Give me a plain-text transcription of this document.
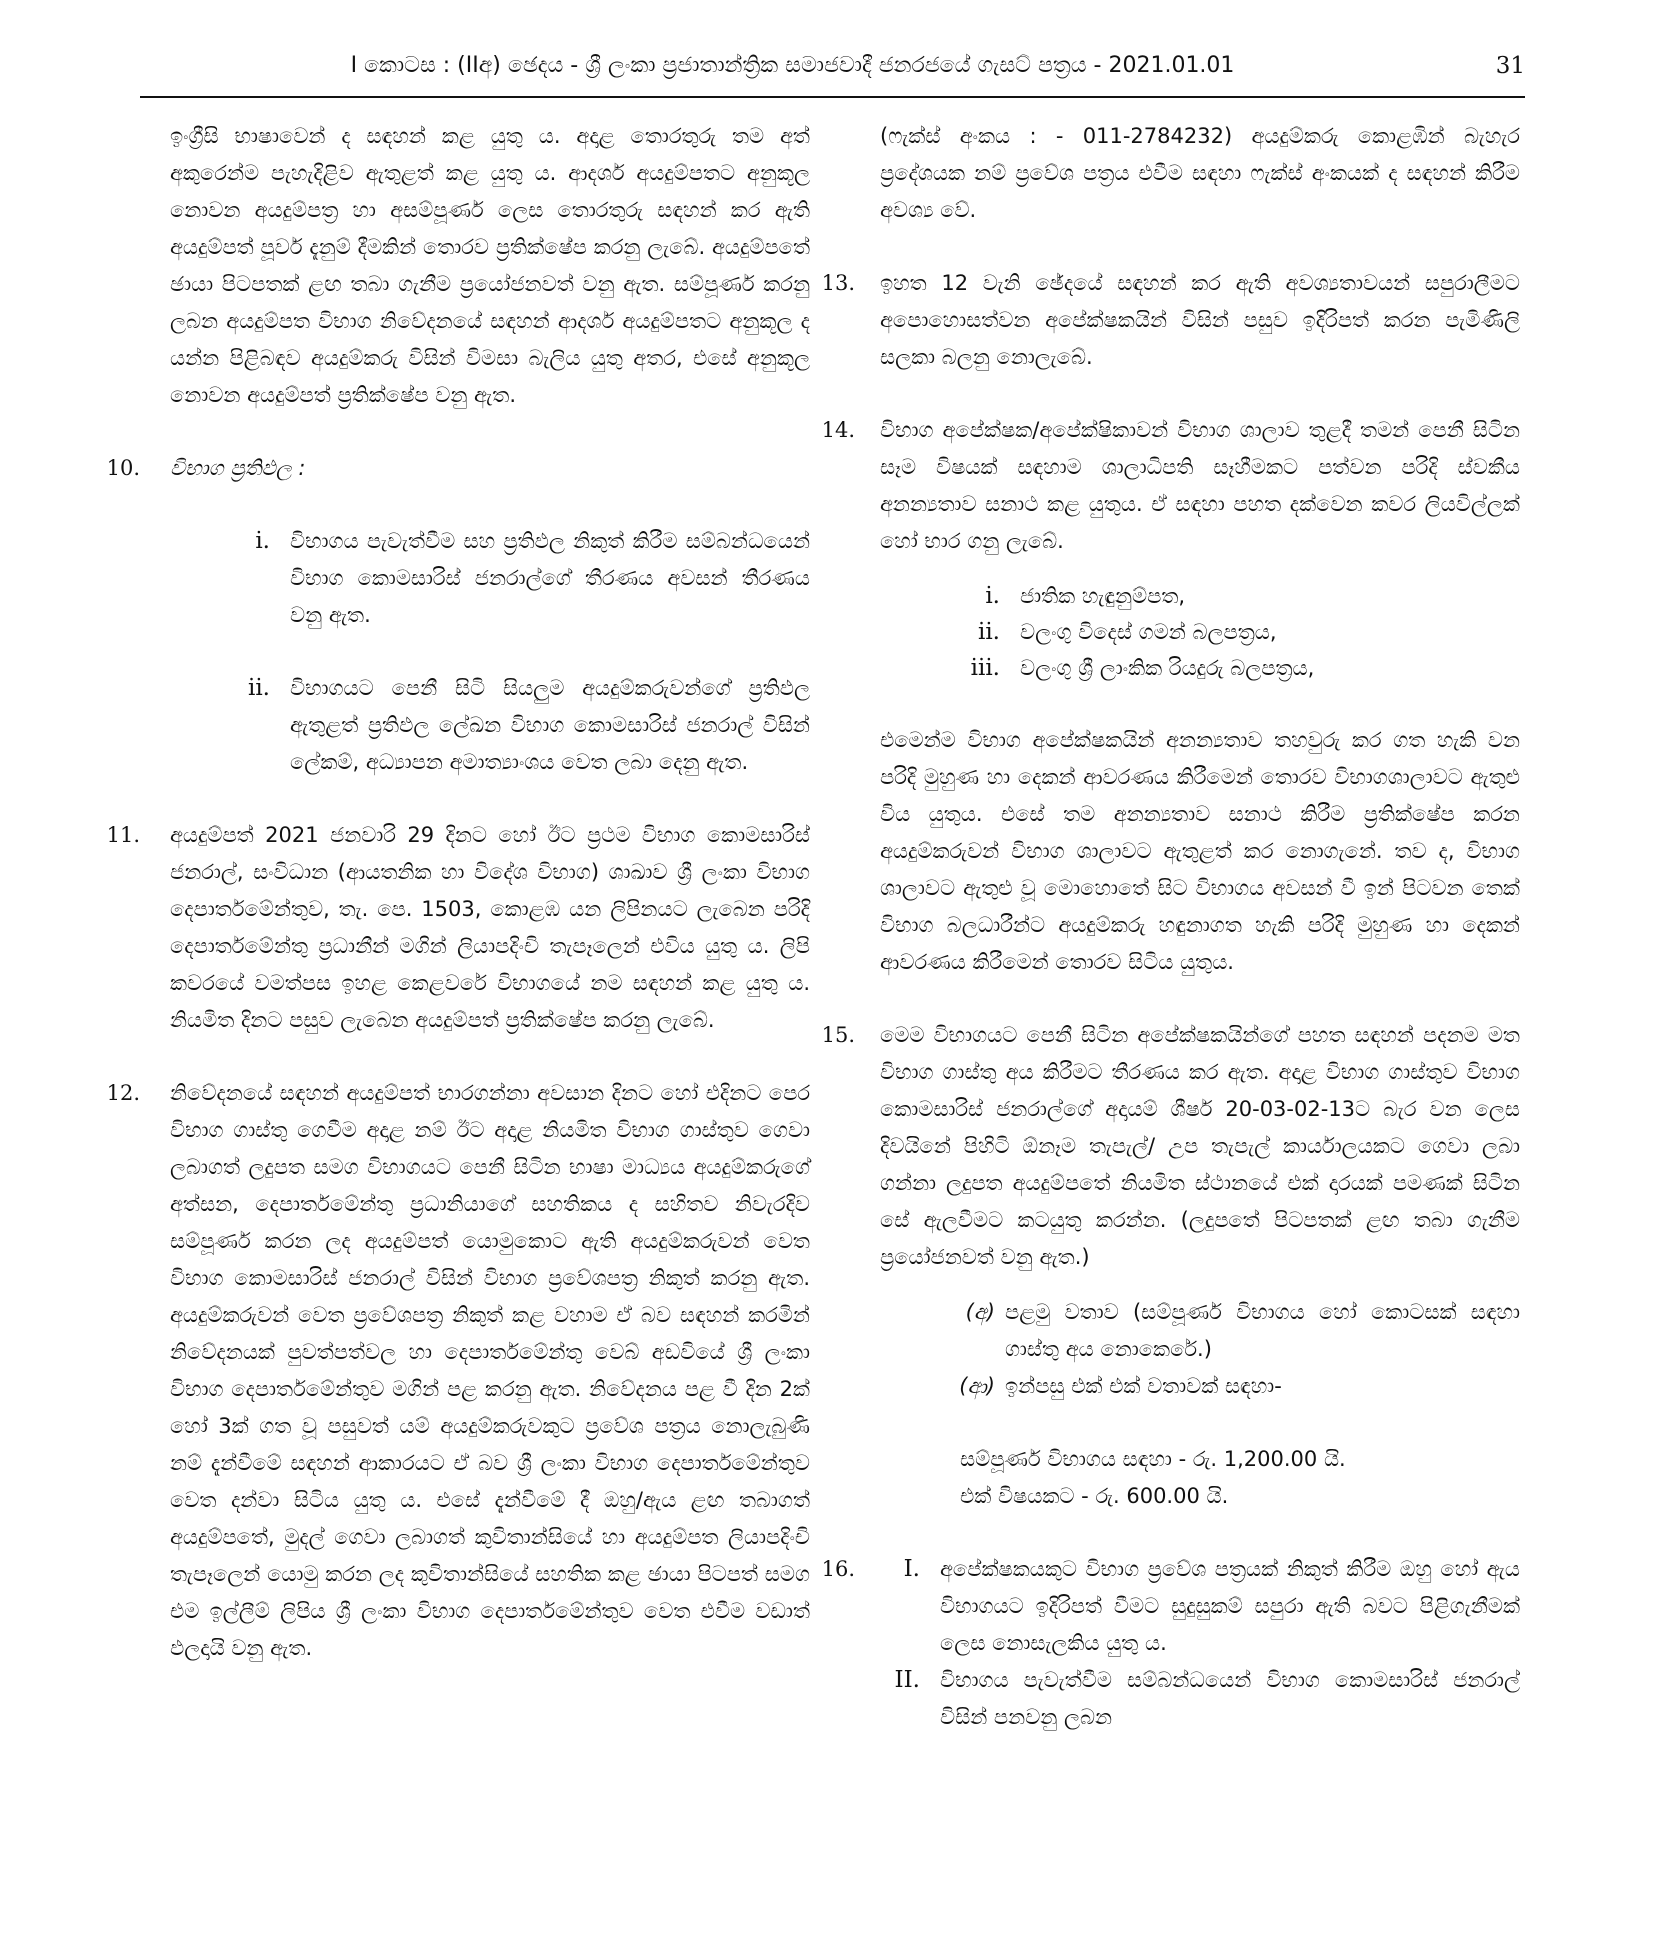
I කොටස : (IIඅ) ඡෙදය - ශ්‍රී ලංකා ප්‍රජාතාන්ත්‍රික සමාජවාදී ජනරජයේ ගැසට් පත්‍රය - 2021.01.01	31

ඉංග්‍රීසි භාෂාවෙන් ද සඳහන් කළ යුතු ය. අදාළ තොරතුරු තම අත් අකුරෙන්ම පැහැදිළිව ඇතුළත් කළ යුතු ය. ආදර්ශ අයදුම්පතට අනුකූල නොවන අයදුම්පත්‍ර හා අසම්පූර්ණ ලෙස තොරතුරු සඳහන් කර ඇති අයදුම්පත් පූර්ව දැනුම් දීමකින් තොරව ප්‍රතික්ෂේප කරනු ලැබේ. අයදුම්පතේ ඡායා පිටපතක් ළඟ තබා ගැනීම ප්‍රයෝජනවත් වනු ඇත. සම්පූර්ණ කරනු ලබන අයදුම්පත විභාග නිවේදනයේ සඳහන් ආදර්ශ අයදුම්පතට අනුකූල ද යන්න පිළිබඳව අයදුම්කරු විසින් විමසා බැලිය යුතු අතර, එසේ අනුකූල නොවන අයදුම්පත් ප්‍රතික්ෂේප වනු ඇත.

10. විභාග ප්‍රතිඵල :

i. විභාගය පැවැත්වීම සහ ප්‍රතිඵල නිකුත් කිරීම සම්බන්ධයෙන් විභාග කොමසාරිස් ජනරාල්ගේ තීරණය අවසන් තීරණය වනු ඇත.

ii. විභාගයට පෙනී සිටි සියලුම අයදුම්කරුවන්ගේ ප්‍රතිඵල ඇතුළත් ප්‍රතිඵල ලේඛන විභාග කොමසාරිස් ජනරාල් විසින් ලේකම්, අධ්‍යාපන අමාත්‍යාංශය වෙත ලබා දෙනු ඇත.

11. අයදුම්පත් 2021 ජනවාරි 29 දිනට හෝ ඊට ප්‍රථම විභාග කොමසාරිස් ජනරාල්, සංවිධාන (ආයතනික හා විදේශ විභාග) ශාඛාව ශ්‍රී ලංකා විභාග දෙපාර්තමේන්තුව, තැ. පෙ. 1503, කොළඹ යන ලිපිනයට ලැබෙන පරිදි දෙපාර්තමේන්තු ප්‍රධානීන් මගින් ලියාපදිංචි තැපෑලෙන් එවිය යුතු ය. ලිපි කවරයේ වමත්පස ඉහළ කෙළවරේ විභාගයේ නම සඳහන් කළ යුතු ය. නියමිත දිනට පසුව ලැබෙන අයදුම්පත් ප්‍රතික්ෂේප කරනු ලැබේ.

12. නිවේදනයේ සඳහන් අයදුම්පත් භාරගන්නා අවසාන දිනට හෝ එදිනට පෙර විභාග ගාස්තු ගෙවීම අදාළ නම් ඊට අදාළ නියමිත විභාග ගාස්තුව ගෙවා ලබාගත් ලදුපත සමග විභාගයට පෙනී සිටින භාෂා මාධ්‍යය අයදුම්කරුගේ අත්සන, දෙපාර්තමේන්තු ප්‍රධානියාගේ සහතිකය ද සහිතව නිවැරදිව සම්පූර්ණ කරන ලද අයදුම්පත් යොමුකොට ඇති අයදුම්කරුවන් වෙත විභාග කොමසාරිස් ජනරාල් විසින් විභාග ප්‍රවේශපත්‍ර නිකුත් කරනු ඇත. අයදුම්කරුවන් වෙත ප්‍රවේශපත්‍ර නිකුත් කළ වහාම ඒ බව සඳහන් කරමින් නිවේදනයක් පුවත්පත්වල හා දෙපාර්තමේන්තු වෙබ් අඩවියේ ශ්‍රී ලංකා විභාග දෙපාර්තමේන්තුව මගින් පළ කරනු ඇත. නිවේදනය පළ වී දින 2ක් හෝ 3ක් ගත වූ පසුවත් යම් අයදුම්කරුවකුට ප්‍රවේශ පත්‍රය නොලැබුණි නම් දැන්වීමේ සඳහන් ආකාරයට ඒ බව ශ්‍රී ලංකා විභාග දෙපාර්තමේන්තුව වෙත දන්වා සිටිය යුතු ය. එසේ දැන්වීමේ දී ඔහු/ඇය ළඟ තබාගත් අයදුම්පතේ, මුදල් ගෙවා ලබාගත් කුවිතාන්සියේ හා අයදුම්පත ලියාපදිංචි තැපෑලෙන් යොමු කරන ලද කුවිතාන්සියේ සහතික කළ ඡායා පිටපත් සමග එම ඉල්ලීම් ලිපිය ශ්‍රී ලංකා විභාග දෙපාර්තමේන්තුව වෙත එවීම වඩාත් ඵලදායි වනු ඇත.

(ෆැක්ස් අංකය : - 011-2784232) අයදුම්කරු කොළඹින් බැහැර ප්‍රදේශයක නම් ප්‍රවේශ පත්‍රය එවීම සඳහා ෆැක්ස් අංකයක් ද සඳහන් කිරීම අවශ්‍ය වේ.

13. ඉහත 12 වැනි ඡේදයේ සඳහන් කර ඇති අවශ්‍යතාවයන් සපුරාලීමට අපොහොසත්වන අපේක්ෂකයින් විසින් පසුව ඉදිරිපත් කරන පැමිණිලි සලකා බලනු නොලැබේ.

14. විභාග අපේක්ෂක/අපේක්ෂිකාවන් විභාග ශාලාව තුළදී තමන් පෙනී සිටින සෑම විෂයක් සඳහාම ශාලාධිපති සෑහීමකට පත්වන පරිදි ස්වකීය අනන්‍යතාව සනාථ කළ යුතුය. ඒ සඳහා පහත දක්වෙන කවර ලියවිල්ලක් හෝ භාර ගනු ලැබේ.

i. ජාතික හැඳුනුම්පත,
ii. වලංගු විදෙස් ගමන් බලපත්‍රය,
iii. වලංගු ශ්‍රී ලාංකික රියදුරු බලපත්‍රය,

එමෙන්ම විභාග අපේක්ෂකයින් අනන්‍යතාව තහවුරු කර ගත හැකි වන පරිදි මුහුණ හා දෙකන් ආවරණය කිරීමෙන් තොරව විභාගශාලාවට ඇතුළු විය යුතුය. එසේ තම අනන්‍යතාව සනාථ කිරීම ප්‍රතික්ෂේප කරන අයදුම්කරුවන් විභාග ශාලාවට ඇතුළත් කර නොගැනේ. තව ද, විභාග ශාලාවට ඇතුළු වූ මොහොතේ සිට විභාගය අවසන් වී ඉන් පිටවන තෙක් විභාග බලධාරීන්ට අයදුම්කරු හඳුනාගත හැකි පරිදි මුහුණ හා දෙකන් ආවරණය කිරීමෙන් තොරව සිටිය යුතුය.

15. මෙම විභාගයට පෙනී සිටින අපේක්ෂකයින්ගේ පහත සඳහන් පදනම මත විභාග ගාස්තු අය කිරීමට තීරණය කර ඇත. අදාළ විභාග ගාස්තුව විභාග කොමසාරිස් ජනරාල්ගේ අදායම් ශීර්ෂ 20-03-02-13ට බැර වන ලෙස දිවයිනේ පිහිටි ඕනෑම තැපැල්/ උප තැපැල් කාර්යාලයකට ගෙවා ලබා ගන්නා ලදුපත අයදුම්පතේ නියමිත ස්ථානයේ එක් දාරයක් පමණක් සිටින සේ ඇලවීමට කටයුතු කරන්න. (ලදුපතේ පිටපතක් ළඟ තබා ගැනීම ප්‍රයෝජනවත් වනු ඇත.)

(අ) පළමු වතාව (සම්පූර්ණ විභාගය හෝ කොටසක් සඳහා ගාස්තු අය නොකෙරේ.)

(ආ) ඉන්පසු එක් එක් වතාවක් සඳහා-

සම්පූර්ණ විභාගය සඳහා - රු. 1,200.00 යි.
එක් විෂයකට - රු. 600.00 යි.
16.	I. අපේක්ෂකයකුට විභාග ප්‍රවේශ පත්‍රයක් නිකුත් කිරීම ඔහු හෝ ඇය විභාගයට ඉදිරිපත් වීමට සුදුසුකම් සපුරා ඇති බවට පිළිගැනීමක් ලෙස නොසැලකිය යුතු ය.

II. විභාගය පැවැත්වීම සම්බන්ධයෙන් විභාග කොමසාරිස් ජනරාල් විසින් පනවනු ලබන
